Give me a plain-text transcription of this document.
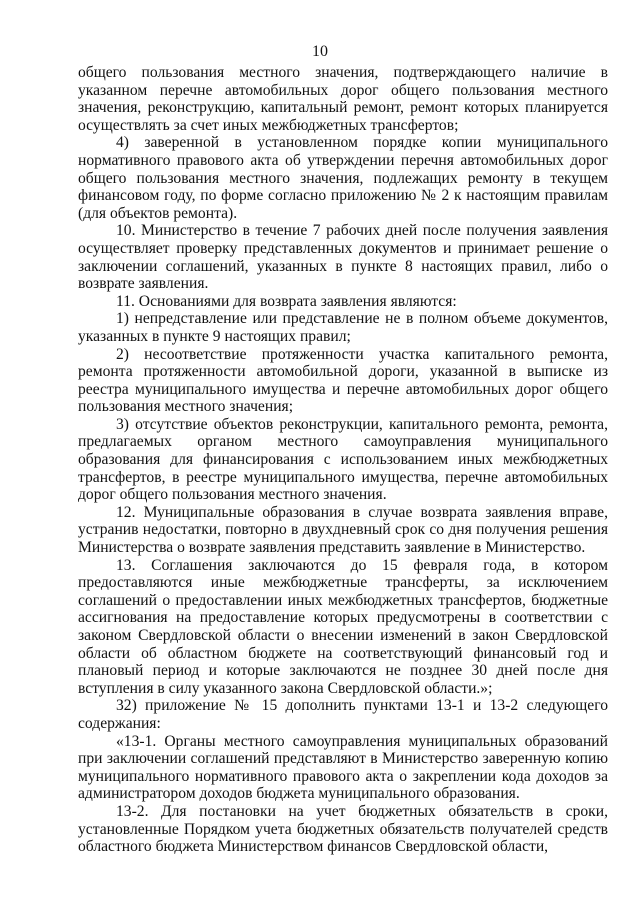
10

общего пользования местного значения, подтверждающего наличие в указанном перечне автомобильных дорог общего пользования местного значения, реконструкцию, капитальный ремонт, ремонт которых планируется осуществлять за счет иных межбюджетных трансфертов;

4) заверенной в установленном порядке копии муниципального нормативного правового акта об утверждении перечня автомобильных дорог общего пользования местного значения, подлежащих ремонту в текущем финансовом году, по форме согласно приложению № 2 к настоящим правилам (для объектов ремонта).

10. Министерство в течение 7 рабочих дней после получения заявления осуществляет проверку представленных документов и принимает решение о заключении соглашений, указанных в пункте 8 настоящих правил, либо о возврате заявления.

11. Основаниями для возврата заявления являются:

1) непредставление или представление не в полном объеме документов, указанных в пункте 9 настоящих правил;

2) несоответствие протяженности участка капитального ремонта, ремонта протяженности автомобильной дороги, указанной в выписке из реестра муниципального имущества и перечне автомобильных дорог общего пользования местного значения;

3) отсутствие объектов реконструкции, капитального ремонта, ремонта, предлагаемых органом местного самоуправления муниципального образования для финансирования с использованием иных межбюджетных трансфертов, в реестре муниципального имущества, перечне автомобильных дорог общего пользования местного значения.

12. Муниципальные образования в случае возврата заявления вправе, устранив недостатки, повторно в двухдневный срок со дня получения решения Министерства о возврате заявления представить заявление в Министерство.

13. Соглашения заключаются до 15 февраля года, в котором предоставляются иные межбюджетные трансферты, за исключением соглашений о предоставлении иных межбюджетных трансфертов, бюджетные ассигнования на предоставление которых предусмотрены в соответствии с законом Свердловской области о внесении изменений в закон Свердловской области об областном бюджете на соответствующий финансовый год и плановый период и которые заключаются не позднее 30 дней после дня вступления в силу указанного закона Свердловской области.»;

32) приложение № 15 дополнить пунктами 13-1 и 13-2 следующего содержания:

«13-1. Органы местного самоуправления муниципальных образований при заключении соглашений представляют в Министерство заверенную копию муниципального нормативного правового акта о закреплении кода доходов за администратором доходов бюджета муниципального образования.

13-2. Для постановки на учет бюджетных обязательств в сроки, установленные Порядком учета бюджетных обязательств получателей средств областного бюджета Министерством финансов Свердловской области,
